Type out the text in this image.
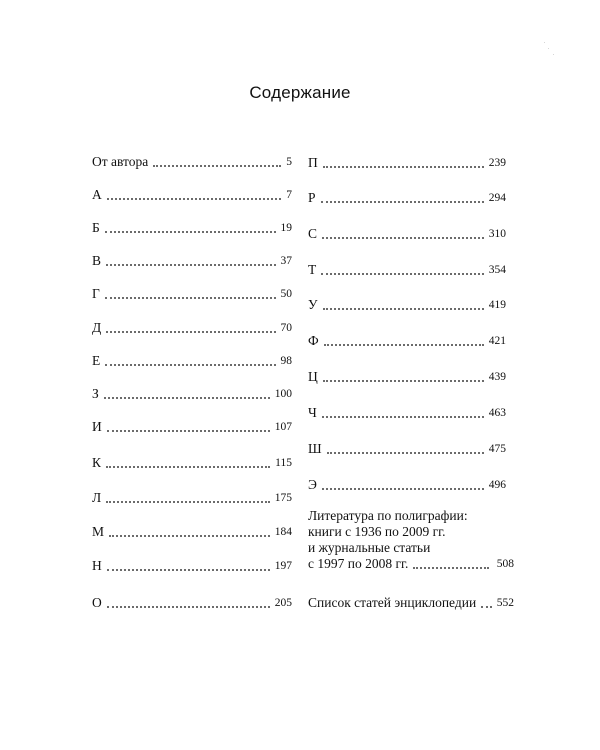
Содержание
От автора	5
А	7
Б	19
В	37
Г	50
Д	70
Е	98
З	100
И	107
К	115
Л	175
М	184
Н	197
О	205
П	239
Р	294
С	310
Т	354
У	419
Ф	421
Ц	439
Ч	463
Ш	475
Э	496
Литература по полиграфии:
книги с 1936 по 2009 гг.
и журнальные статьи
с 1997 по 2008 гг.	508
Список статей энциклопедии 552
